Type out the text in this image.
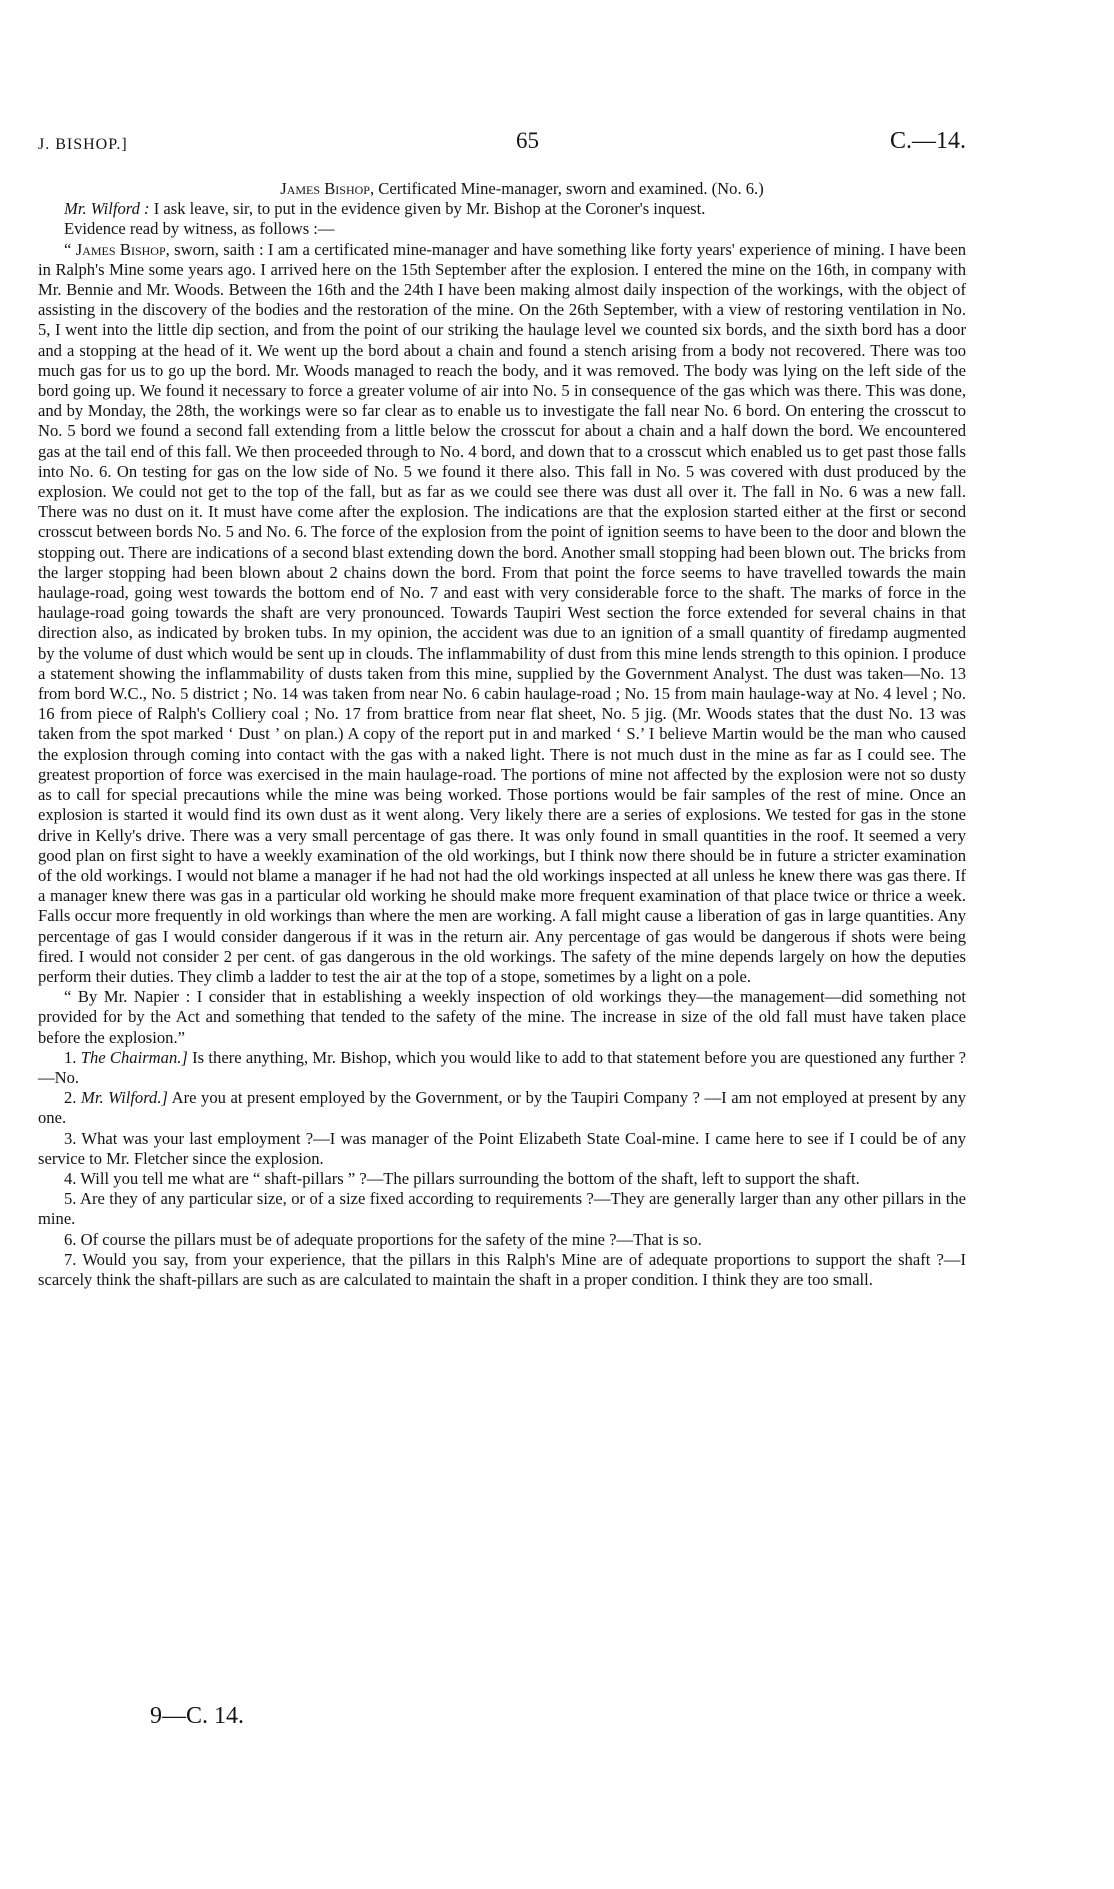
J. BISHOP.]	65	C.—14.

James Bishop, Certificated Mine-manager, sworn and examined. (No. 6.)

Mr. Wilford : I ask leave, sir, to put in the evidence given by Mr. Bishop at the Coroner's inquest.

Evidence read by witness, as follows :—

“ James Bishop, sworn, saith : I am a certificated mine-manager and have something like forty years' experience of mining. I have been in Ralph's Mine some years ago. I arrived here on the 15th September after the explosion. I entered the mine on the 16th, in company with Mr. Bennie and Mr. Woods. Between the 16th and the 24th I have been making almost daily inspection of the workings, with the object of assisting in the discovery of the bodies and the restoration of the mine. On the 26th September, with a view of restoring ventilation in No. 5, I went into the little dip section, and from the point of our striking the haulage level we counted six bords, and the sixth bord has a door and a stopping at the head of it. We went up the bord about a chain and found a stench arising from a body not recovered. There was too much gas for us to go up the bord. Mr. Woods managed to reach the body, and it was removed. The body was lying on the left side of the bord going up. We found it necessary to force a greater volume of air into No. 5 in consequence of the gas which was there. This was done, and by Monday, the 28th, the workings were so far clear as to enable us to investigate the fall near No. 6 bord. On entering the crosscut to No. 5 bord we found a second fall extending from a little below the crosscut for about a chain and a half down the bord. We encountered gas at the tail end of this fall. We then proceeded through to No. 4 bord, and down that to a crosscut which enabled us to get past those falls into No. 6. On testing for gas on the low side of No. 5 we found it there also. This fall in No. 5 was covered with dust produced by the explosion. We could not get to the top of the fall, but as far as we could see there was dust all over it. The fall in No. 6 was a new fall. There was no dust on it. It must have come after the explosion. The indications are that the explosion started either at the first or second crosscut between bords No. 5 and No. 6. The force of the explosion from the point of ignition seems to have been to the door and blown the stopping out. There are indications of a second blast extending down the bord. Another small stopping had been blown out. The bricks from the larger stopping had been blown about 2 chains down the bord. From that point the force seems to have travelled towards the main haulage-road, going west towards the bottom end of No. 7 and east with very considerable force to the shaft. The marks of force in the haulage-road going towards the shaft are very pronounced. Towards Taupiri West section the force extended for several chains in that direction also, as indicated by broken tubs. In my opinion, the accident was due to an ignition of a small quantity of firedamp augmented by the volume of dust which would be sent up in clouds. The inflammability of dust from this mine lends strength to this opinion. I produce a statement showing the inflammability of dusts taken from this mine, supplied by the Government Analyst. The dust was taken—No. 13 from bord W.C., No. 5 district ; No. 14 was taken from near No. 6 cabin haulage-road ; No. 15 from main haulage-way at No. 4 level ; No. 16 from piece of Ralph's Colliery coal ; No. 17 from brattice from near flat sheet, No. 5 jig. (Mr. Woods states that the dust No. 13 was taken from the spot marked ‘ Dust ’ on plan.) A copy of the report put in and marked ‘ S.’ I believe Martin would be the man who caused the explosion through coming into contact with the gas with a naked light. There is not much dust in the mine as far as I could see. The greatest proportion of force was exercised in the main haulage-road. The portions of mine not affected by the explosion were not so dusty as to call for special precautions while the mine was being worked. Those portions would be fair samples of the rest of mine. Once an explosion is started it would find its own dust as it went along. Very likely there are a series of explosions. We tested for gas in the stone drive in Kelly's drive. There was a very small percentage of gas there. It was only found in small quantities in the roof. It seemed a very good plan on first sight to have a weekly examination of the old workings, but I think now there should be in future a stricter examination of the old workings. I would not blame a manager if he had not had the old workings inspected at all unless he knew there was gas there. If a manager knew there was gas in a particular old working he should make more frequent examination of that place twice or thrice a week. Falls occur more frequently in old workings than where the men are working. A fall might cause a liberation of gas in large quantities. Any percentage of gas I would consider dangerous if it was in the return air. Any percentage of gas would be dangerous if shots were being fired. I would not consider 2 per cent. of gas dangerous in the old workings. The safety of the mine depends largely on how the deputies perform their duties. They climb a ladder to test the air at the top of a stope, sometimes by a light on a pole.

“ By Mr. Napier : I consider that in establishing a weekly inspection of old workings they—the management—did something not provided for by the Act and something that tended to the safety of the mine. The increase in size of the old fall must have taken place before the explosion.”

1. The Chairman.] Is there anything, Mr. Bishop, which you would like to add to that statement before you are questioned any further ?—No.

2. Mr. Wilford.] Are you at present employed by the Government, or by the Taupiri Company ? —I am not employed at present by any one.

3. What was your last employment ?—I was manager of the Point Elizabeth State Coal-mine. I came here to see if I could be of any service to Mr. Fletcher since the explosion.

4. Will you tell me what are “ shaft-pillars ” ?—The pillars surrounding the bottom of the shaft, left to support the shaft.

5. Are they of any particular size, or of a size fixed according to requirements ?—They are generally larger than any other pillars in the mine.

6. Of course the pillars must be of adequate proportions for the safety of the mine ?—That is so.

7. Would you say, from your experience, that the pillars in this Ralph's Mine are of adequate proportions to support the shaft ?—I scarcely think the shaft-pillars are such as are calculated to maintain the shaft in a proper condition. I think they are too small.

9—C. 14.
